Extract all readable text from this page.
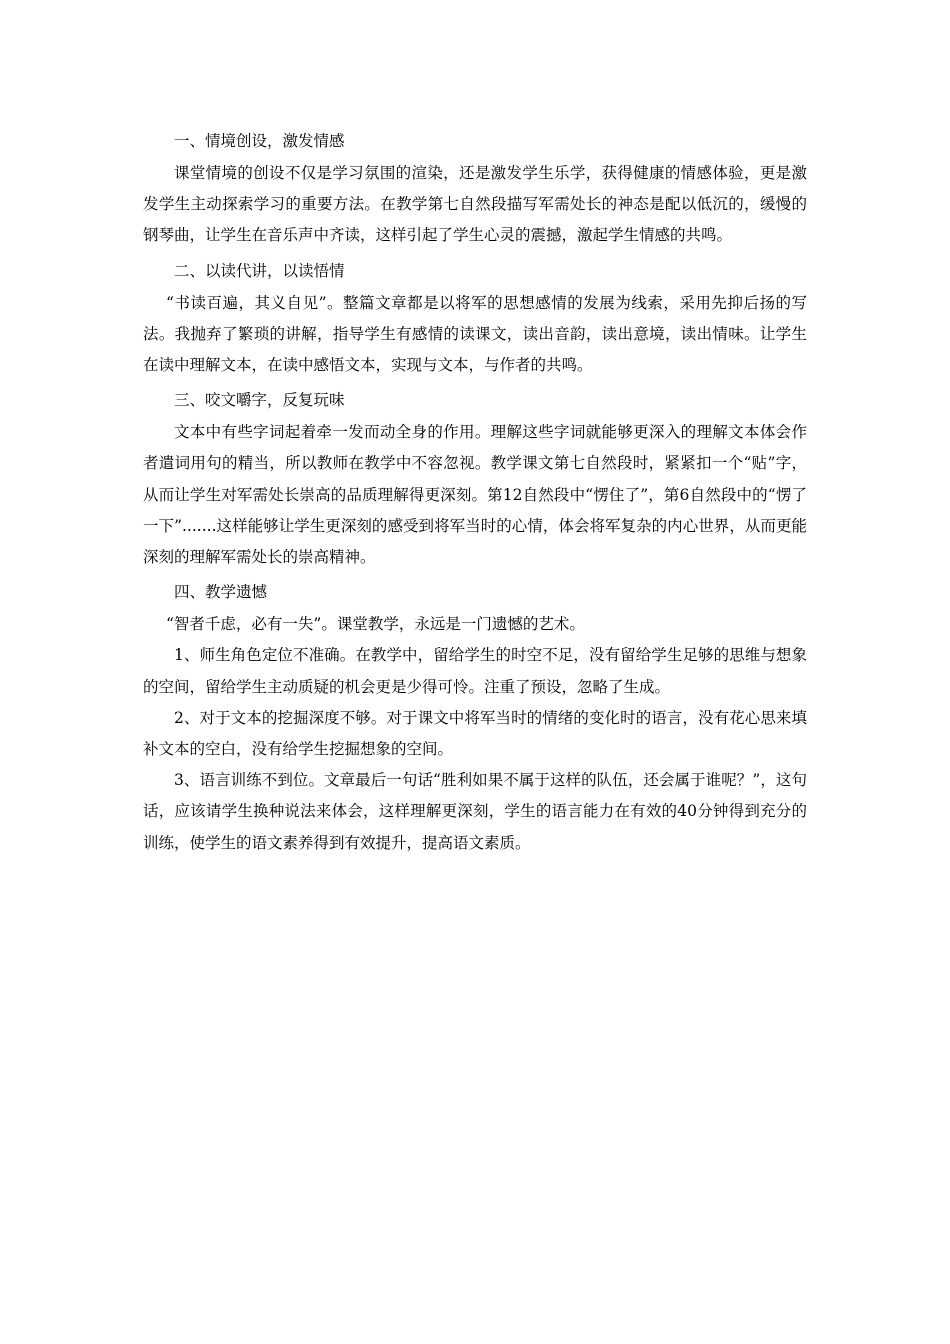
一、情境创设，激发情感

课堂情境的创设不仅是学习氛围的渲染，还是激发学生乐学，获得健康的情感体验，更是激发学生主动探索学习的重要方法。在教学第七自然段描写军需处长的神态是配以低沉的，缓慢的钢琴曲，让学生在音乐声中齐读，这样引起了学生心灵的震撼，激起学生情感的共鸣。

二、以读代讲，以读悟情

“书读百遍，其义自见”。整篇文章都是以将军的思想感情的发展为线索，采用先抑后扬的写法。我抛弃了繁琐的讲解，指导学生有感情的读课文，读出音韵，读出意境，读出情味。让学生在读中理解文本，在读中感悟文本，实现与文本，与作者的共鸣。

三、咬文嚼字，反复玩味

文本中有些字词起着牵一发而动全身的作用。理解这些字词就能够更深入的理解文本体会作者遣词用句的精当，所以教师在教学中不容忽视。教学课文第七自然段时，紧紧扣一个“贴”字，从而让学生对军需处长崇高的品质理解得更深刻。第12自然段中“愣住了”，第6自然段中的“愣了一下”.......这样能够让学生更深刻的感受到将军当时的心情，体会将军复杂的内心世界，从而更能深刻的理解军需处长的崇高精神。

四、教学遗憾

“智者千虑，必有一失”。课堂教学，永远是一门遗憾的艺术。

1、师生角色定位不准确。在教学中，留给学生的时空不足，没有留给学生足够的思维与想象的空间，留给学生主动质疑的机会更是少得可怜。注重了预设，忽略了生成。

2、对于文本的挖掘深度不够。对于课文中将军当时的情绪的变化时的语言，没有花心思来填补文本的空白，没有给学生挖掘想象的空间。

3、语言训练不到位。文章最后一句话“胜利如果不属于这样的队伍，还会属于谁呢？”，这句话，应该请学生换种说法来体会，这样理解更深刻，学生的语言能力在有效的40分钟得到充分的训练，使学生的语文素养得到有效提升，提高语文素质。
